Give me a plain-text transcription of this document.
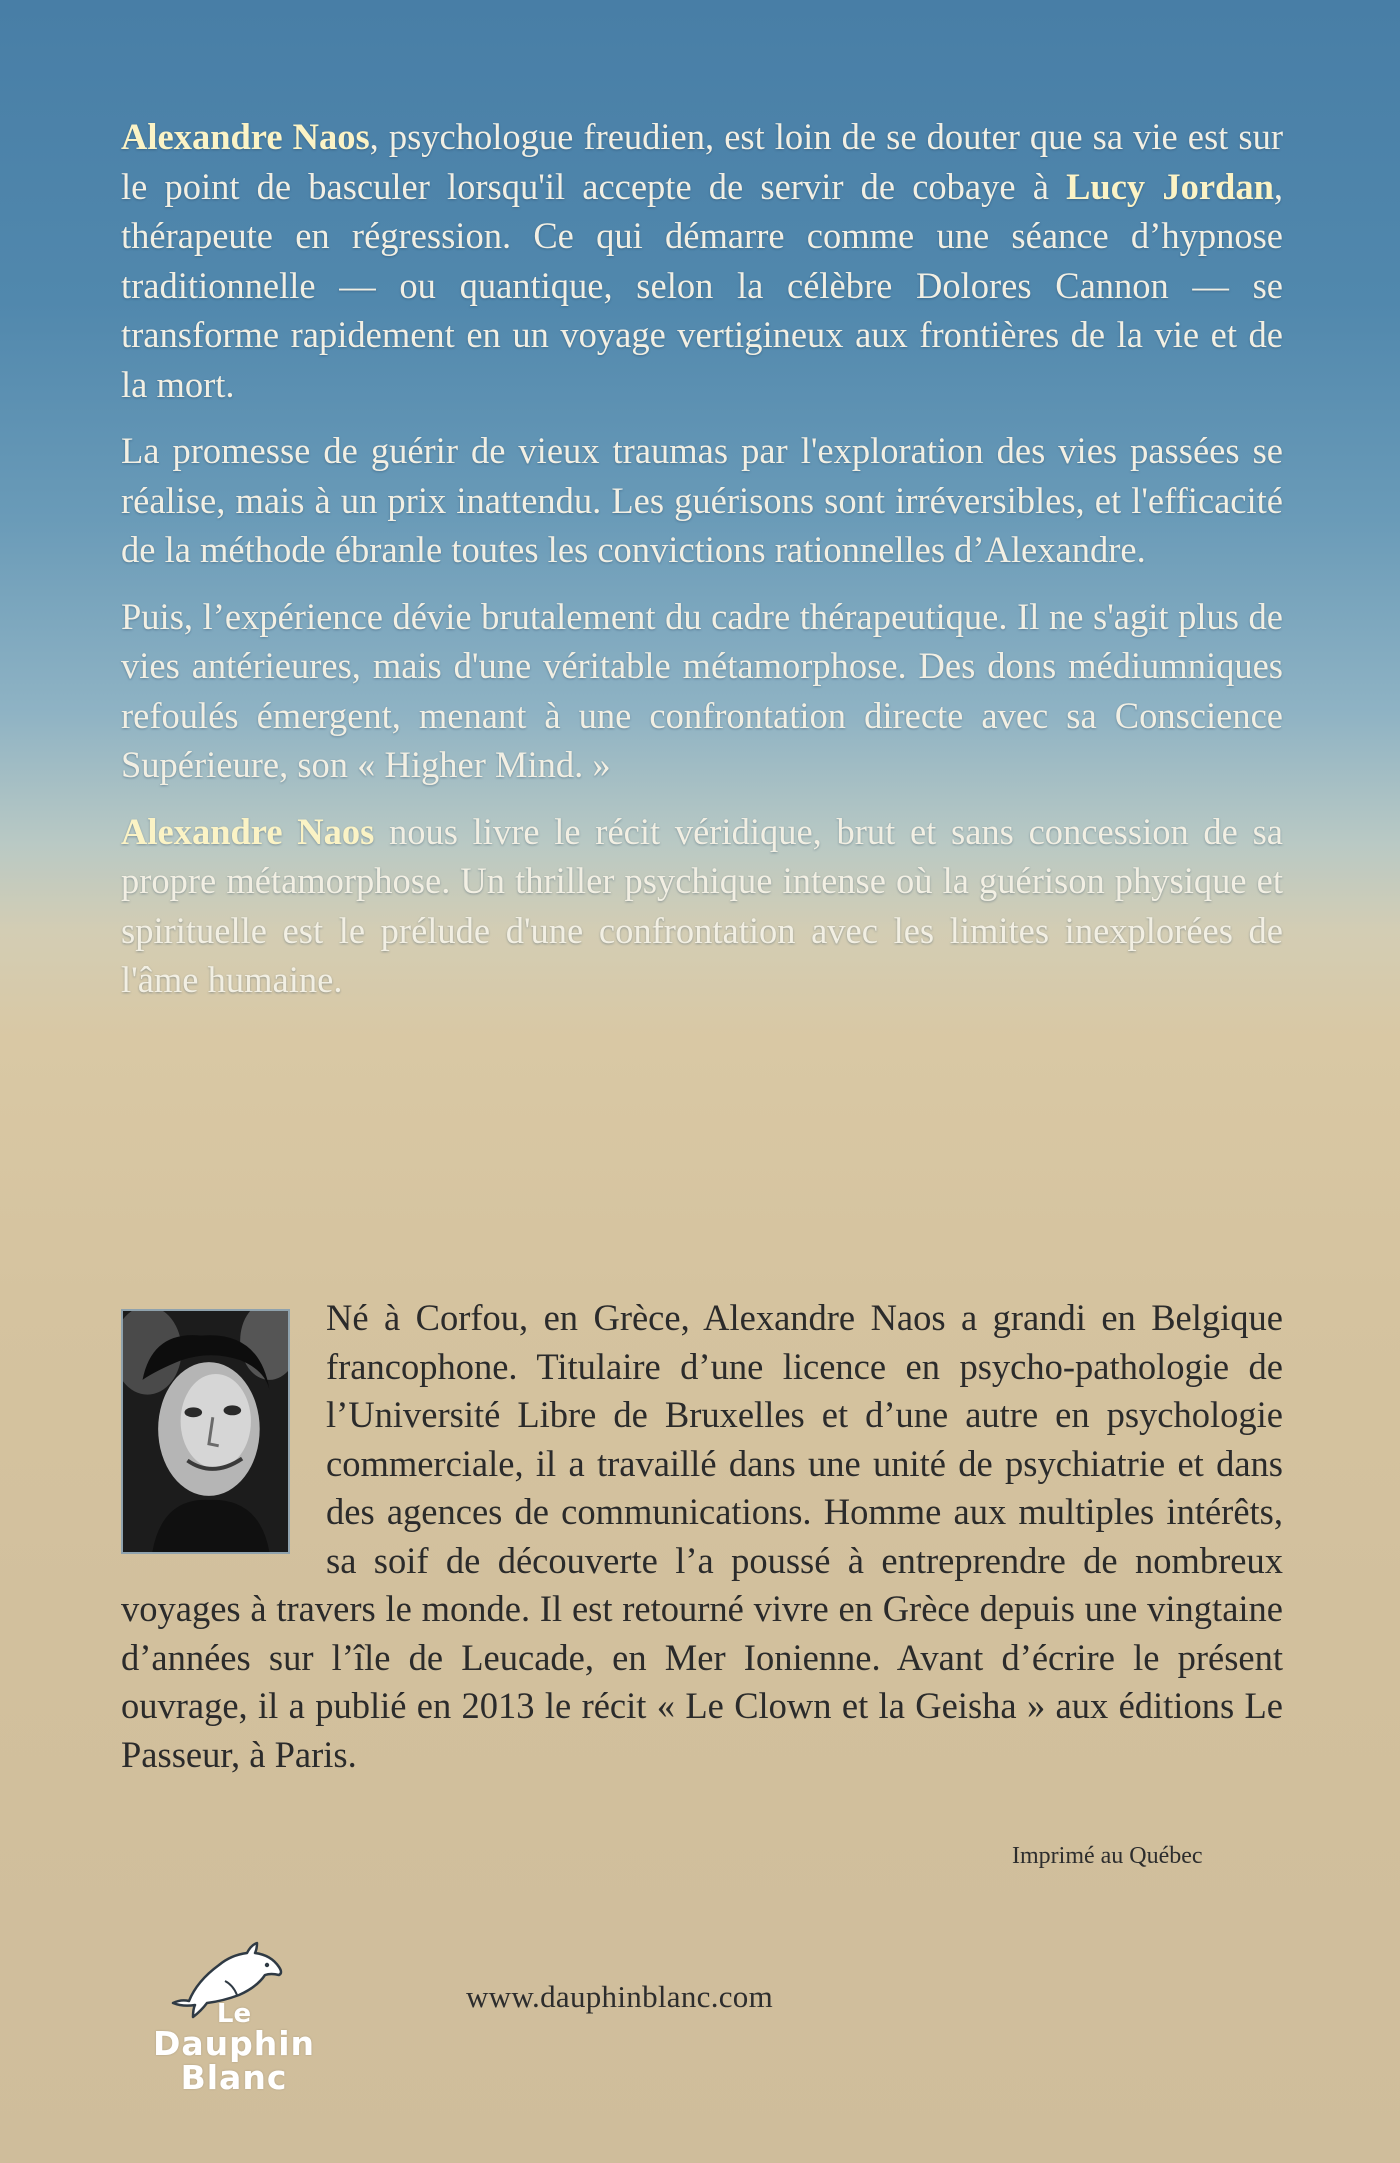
Alexandre Naos, psychologue freudien, est loin de se douter que sa vie est sur le point de basculer lorsqu'il accepte de servir de cobaye à Lucy Jordan, thérapeute en régression. Ce qui démarre comme une séance d’hypnose traditionnelle — ou quantique, selon la célèbre Dolores Cannon — se transforme rapidement en un voyage vertigineux aux frontières de la vie et de la mort.

La promesse de guérir de vieux traumas par l'exploration des vies passées se réalise, mais à un prix inattendu. Les guérisons sont irréversibles, et l'efficacité de la méthode ébranle toutes les convictions rationnelles d’Alexandre.

Puis, l’expérience dévie brutalement du cadre thérapeutique. Il ne s'agit plus de vies antérieures, mais d'une véritable métamorphose. Des dons médiumniques refoulés émergent, menant à une confrontation directe avec sa Conscience Supérieure, son « Higher Mind. »

Alexandre Naos nous livre le récit véridique, brut et sans concession de sa propre métamorphose. Un thriller psychique intense où la guérison physique et spirituelle est le prélude d'une confrontation avec les limites inexplorées de l'âme humaine.

Né à Corfou, en Grèce, Alexandre Naos a grandi en Belgique francophone. Titulaire d’une licence en psycho-pathologie de l’Université Libre de Bruxelles et d’une autre en psychologie commerciale, il a travaillé dans une unité de psychiatrie et dans des agences de communications. Homme aux multiples intérêts, sa soif de découverte l’a poussé à entreprendre de nombreux voyages à travers le monde. Il est retourné vivre en Grèce depuis une vingtaine d’années sur l’île de Leucade, en Mer Ionienne. Avant d’écrire le présent ouvrage, il a publié en 2013 le récit « Le Clown et la Geisha » aux éditions Le Passeur, à Paris.

Imprimé au Québec
Le
Dauphin
Blanc
www.dauphinblanc.com
